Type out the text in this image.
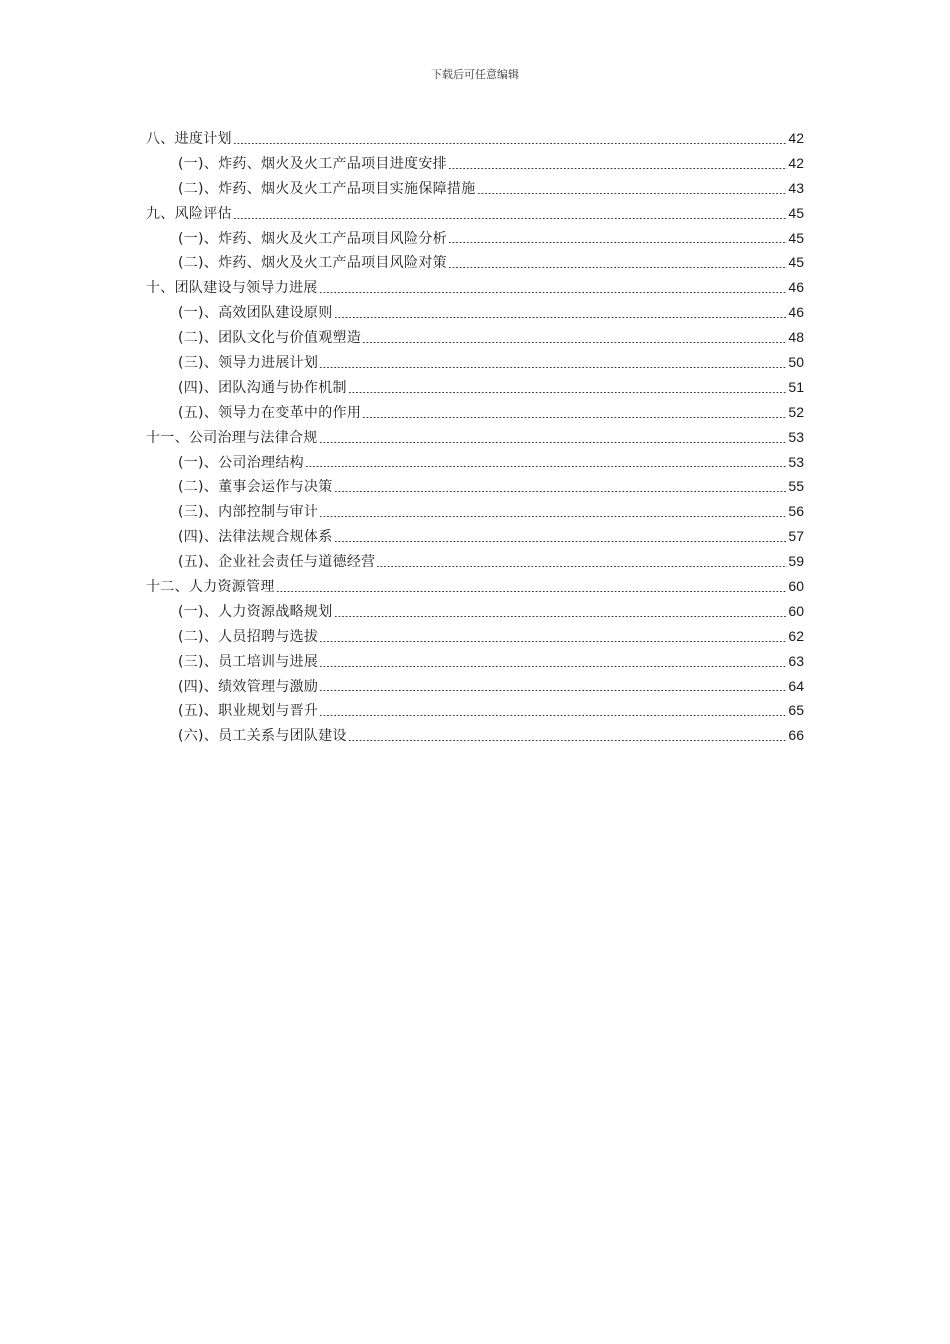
下载后可任意编辑
八、进度计划	42
(一)、炸药、烟火及火工产品项目进度安排	42
(二)、炸药、烟火及火工产品项目实施保障措施	43
九、风险评估	45
(一)、炸药、烟火及火工产品项目风险分析	45
(二)、炸药、烟火及火工产品项目风险对策	45
十、团队建设与领导力进展	46
(一)、高效团队建设原则	46
(二)、团队文化与价值观塑造	48
(三)、领导力进展计划	50
(四)、团队沟通与协作机制	51
(五)、领导力在变革中的作用	52
十一、公司治理与法律合规	53
(一)、公司治理结构	53
(二)、董事会运作与决策	55
(三)、内部控制与审计	56
(四)、法律法规合规体系	57
(五)、企业社会责任与道德经营	59
十二、人力资源管理	60
(一)、人力资源战略规划	60
(二)、人员招聘与选拔	62
(三)、员工培训与进展	63
(四)、绩效管理与激励	64
(五)、职业规划与晋升	65
(六)、员工关系与团队建设	66
